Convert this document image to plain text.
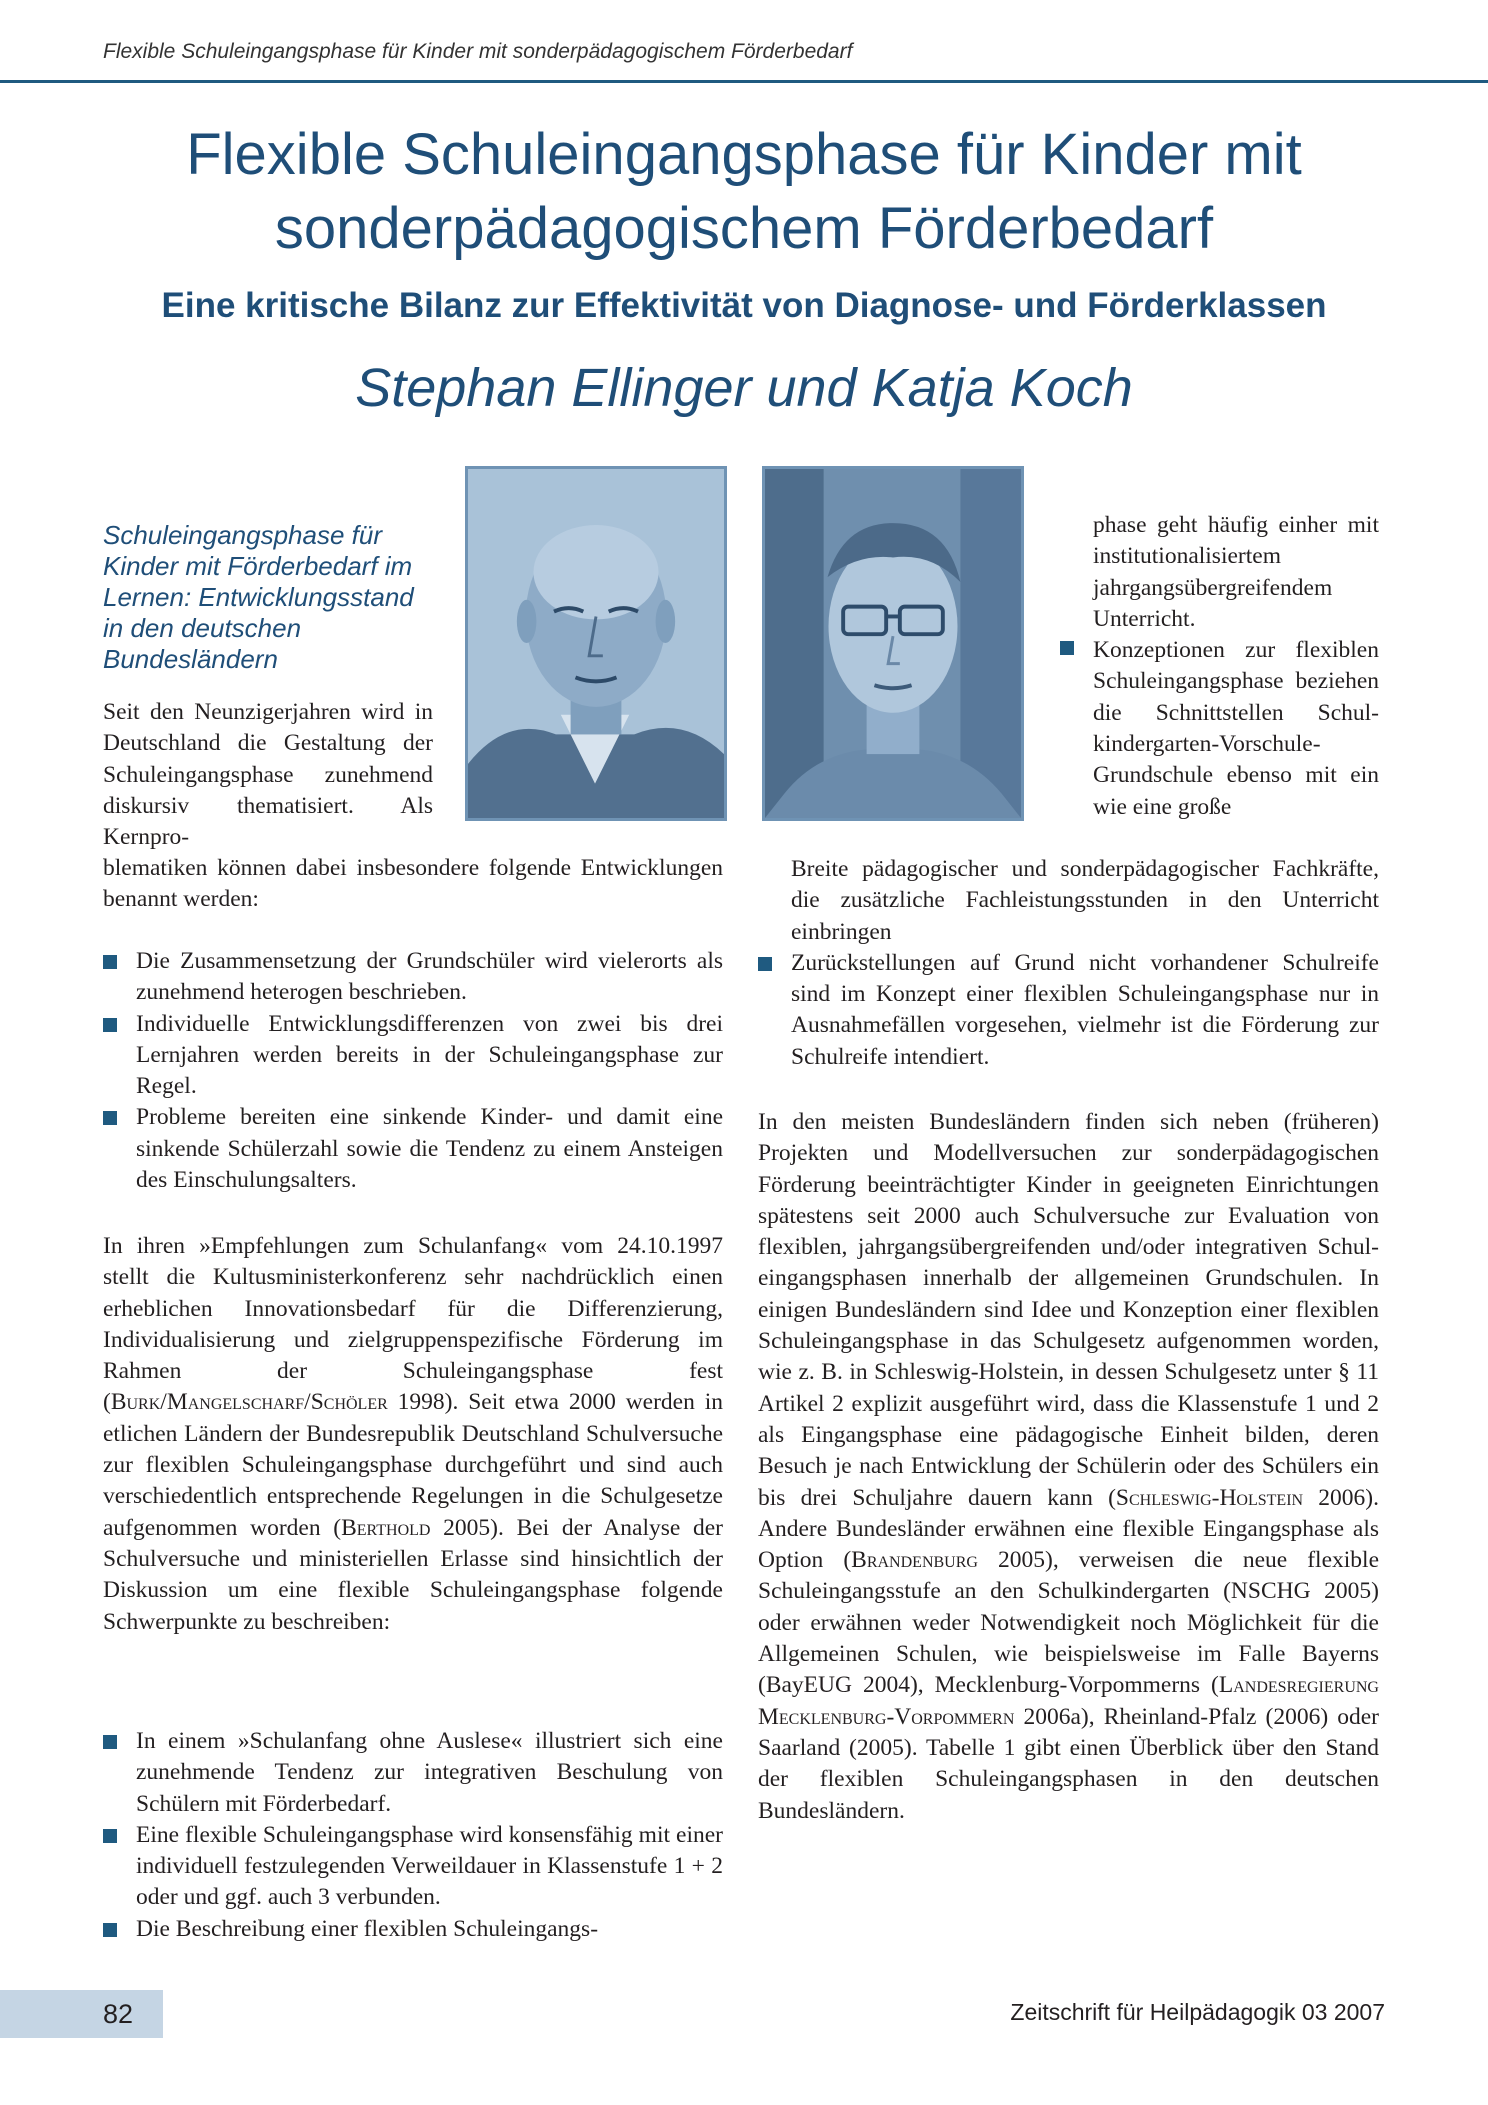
Flexible Schuleingangsphase für Kinder mit sonderpädagogischem Förderbedarf
Flexible Schuleingangsphase für Kinder mit
sonderpädagogischem Förderbedarf
Eine kritische Bilanz zur Effektivität von Diagnose- und Förderklassen
Stephan Ellinger und Katja Koch
Schuleingangsphase für Kinder mit Förderbedarf im Lernen: Entwicklungsstand in den deutschen Bundesländern

Seit den Neunzigerjahren wird in Deutschland die Gestaltung der Schuleingangsphase zunehmend diskursiv thematisiert. Als Kernpro-

blematiken können dabei insbesondere folgende Entwicklungen benannt werden:

Die Zusammensetzung der Grundschüler wird vielerorts als zunehmend heterogen beschrieben.
Individuelle Entwicklungsdifferenzen von zwei bis drei Lernjahren werden bereits in der Schuleingangsphase zur Regel.
Probleme bereiten eine sinkende Kinder- und damit eine sinkende Schülerzahl sowie die Tendenz zu einem Ansteigen des Einschulungsalters.

In ihren »Empfehlungen zum Schulanfang« vom 24.10.1997 stellt die Kultusministerkonferenz sehr nachdrücklich einen erheblichen Innovationsbedarf für die Differenzierung, Individualisierung und zielgruppenspezifische Förderung im Rahmen der Schuleingangsphase fest (Burk/Mangelscharf/Schöler 1998). Seit etwa 2000 werden in etlichen Ländern der Bundesrepublik Deutschland Schulversuche zur flexiblen Schuleingangsphase durchgeführt und sind auch verschiedentlich entsprechende Regelungen in die Schulgesetze aufgenommen worden (Berthold 2005). Bei der Analyse der Schulversuche und ministeriellen Erlasse sind hinsichtlich der Diskussion um eine flexible Schuleingangsphase folgende Schwerpunkte zu beschreiben:

In einem »Schulanfang ohne Auslese« illustriert sich eine zunehmende Tendenz zur integrativen Beschulung von Schülern mit Förderbedarf.
Eine flexible Schuleingangsphase wird konsensfähig mit einer individuell festzulegenden Verweildauer in Klassenstufe 1 + 2 oder und ggf. auch 3 verbunden.
Die Beschreibung einer flexiblen Schuleingangs-

phase geht häufig einher mit institutionalisiertem jahrgangsübergreifendem Unterricht.

Konzeptionen zur flexiblen Schuleingangsphase beziehen die Schnittstellen Schulkindergarten-Vorschule-Grundschule ebenso mit ein wie eine große

Breite pädagogischer und sonderpädagogischer Fachkräfte, die zusätzliche Fachleistungsstunden in den Unterricht einbringen

Zurückstellungen auf Grund nicht vorhandener Schulreife sind im Konzept einer flexiblen Schuleingangsphase nur in Ausnahmefällen vorgesehen, vielmehr ist die Förderung zur Schulreife intendiert.

In den meisten Bundesländern finden sich neben (früheren) Projekten und Modellversuchen zur sonderpädagogischen Förderung beeinträchtigter Kinder in geeigneten Einrichtungen spätestens seit 2000 auch Schulversuche zur Evaluation von flexiblen, jahrgangsübergreifenden und/oder integrativen Schuleingangsphasen innerhalb der allgemeinen Grundschulen. In einigen Bundesländern sind Idee und Konzeption einer flexiblen Schuleingangsphase in das Schulgesetz aufgenommen worden, wie z. B. in Schleswig-Holstein, in dessen Schulgesetz unter § 11 Artikel 2 explizit ausgeführt wird, dass die Klassenstufe 1 und 2 als Eingangsphase eine pädagogische Einheit bilden, deren Besuch je nach Entwicklung der Schülerin oder des Schülers ein bis drei Schuljahre dauern kann (Schleswig-Holstein 2006). Andere Bundesländer erwähnen eine flexible Eingangsphase als Option (Brandenburg 2005), verweisen die neue flexible Schuleingangsstufe an den Schulkindergarten (NSCHG 2005) oder erwähnen weder Notwendigkeit noch Möglichkeit für die Allgemeinen Schulen, wie beispielsweise im Falle Bayerns (BayEUG 2004), Mecklenburg-Vorpommerns (Landesregierung Mecklenburg-Vorpommern 2006a), Rheinland-Pfalz (2006) oder Saarland (2005). Tabelle 1 gibt einen Überblick über den Stand der flexiblen Schuleingangsphasen in den deutschen Bundesländern.

82	Zeitschrift für Heilpädagogik 03 2007
